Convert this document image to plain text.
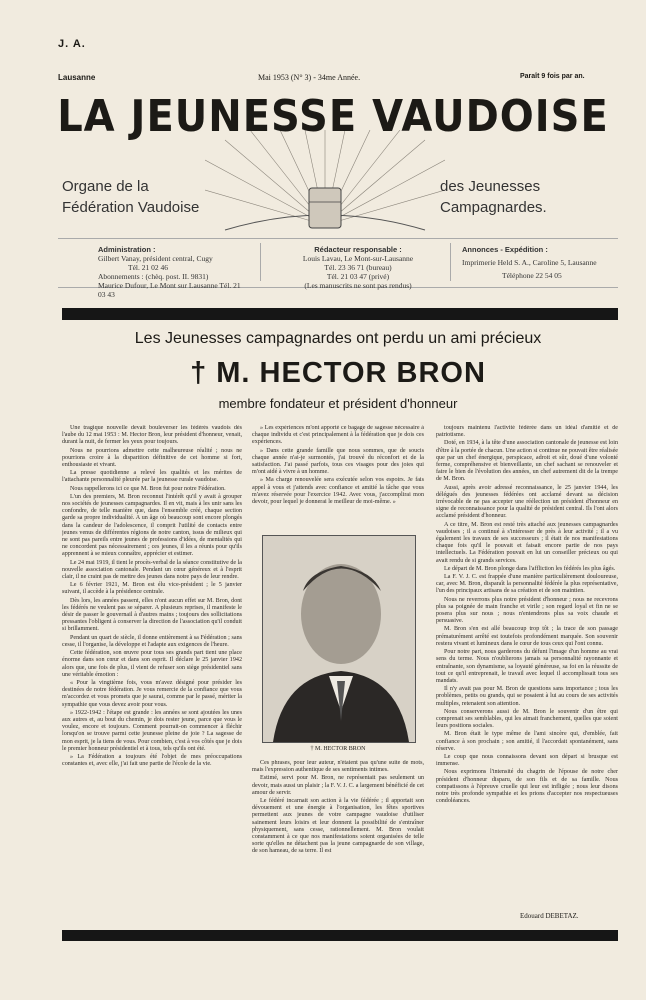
J. A.
Lausanne	Mai 1953 (N° 3) - 34me Année.	Paraît 9 fois par an.
LA JEUNESSE VAUDOISE
Organe de la
Fédération Vaudoise
des Jeunesses
Campagnardes.
Administration :
Gilbert Vanay, président central, Cugy
Tél. 21 02 46
Abonnements : (chèq. post. II. 9831)
Maurice Dufour, Le Mont sur Lausanne Tél. 21 03 43
Rédacteur responsable :
Louis Lavau, Le Mont-sur-Lausanne
Tél. 23 36 71 (bureau)
Tél. 21 03 47 (privé)
(Les manuscrits ne sont pas rendus)
Annonces - Expédition :
Imprimerie Held S. A., Caroline 5, Lausanne
Téléphone 22 54 05
Les Jeunesses campagnardes ont perdu un ami précieux
† M. HECTOR BRON
membre fondateur et président d'honneur

Une tragique nouvelle devait bouleverser les fédérés vaudois dès l'aube du 12 mai 1953 : M. Hector Bron, leur président d'honneur, venait, durant la nuit, de fermer les yeux pour toujours.

Nous ne pourrions admettre cette malheureuse réalité ; nous ne pourrions croire à la disparition définitive de cet homme si fort, enthousiaste et vivant.

La presse quotidienne a relevé les qualités et les mérites de l'attachante personnalité pleurée par la jeunesse rurale vaudoise.

Nous rappellerons ici ce que M. Bron fut pour notre Fédération.

L'un des premiers, M. Bron reconnut l'intérêt qu'il y avait à grouper nos sociétés de jeunesses campagnardes. Il en vit, mais à les unir sans les confondre, de telle manière que, dans l'ensemble créé, chaque section garde sa propre individualité. A un âge où beaucoup sont encore plongés dans la candeur de l'adolescence, il comprit l'utilité de contacts entre jeunes venus de différentes régions de notre canton, issus de milieux qui ne sont pas pareils entre jeunes de professions d'idées, de mentalités qui ne concordent pas nécessairement ; ces jeunes, il les a réunis pour qu'ils apprennent à se mieux connaître, apprécier et estimer.

Le 24 mai 1919, il tient le procès-verbal de la séance constitutive de la nouvelle association cantonale. Pendant un cœur généreux et à l'esprit clair, il ne craint pas de mettre des jeunes dans notre pays de leur rendre.

Le 6 février 1921, M. Bron est élu vice-président ; le 5 janvier suivant, il accède à la présidence centrale.

Dès lors, les années passent, elles n'ont aucun effet sur M. Bron, dont les fédérés ne veulent pas se séparer. A plusieurs reprises, il manifeste le désir de passer le gouvernail à d'autres mains ; toujours des sollicitations pressantes l'obligent à conserver la direction de l'association qu'il conduit si brillamment.

Pendant un quart de siècle, il donne entièrement à sa Fédération ; sans cesse, il l'organise, la développe et l'adapte aux exigences de l'heure.

Cette fédération, son œuvre pour tous ses grands part tient une place énorme dans son cœur et dans son esprit. Il déclare le 25 janvier 1942 alors que, une fois de plus, il vient de refuser son siège présidentiel sans une véritable émotion :

« Pour la vingtième fois, vous m'avez désigné pour présider les destinées de notre fédération. Je vous remercie de la confiance que vous m'accordez et vous promets que je saurai, comme par le passé, mériter la sympathie que vous devez avoir pour vous.

» 1922-1942 : l'étape est grande : les années se sont ajoutées les unes aux autres et, au bout du chemin, je dois rester jeune, parce que vous le voulez, encore et toujours. Comment pourrait-on commencer à fléchir lorsqu'on se trouve parmi cette jeunesse pleine de joie ? La sagesse de mon esprit, je la tiens de vous. Pour combien, c'est à vos côtés que je dois le premier honneur présidentiel et à tous, tels qu'ils ont été.

» La Fédération a toujours été l'objet de mes préoccupations constantes et, avec elle, j'ai fait une partie de l'école de la vie.

» Les expériences m'ont apporté ce bagage de sagesse nécessaire à chaque individu et c'est principalement à la fédération que je dois ces expériences.

» Dans cette grande famille que nous sommes, que de soucis chaque année n'ai-je surmontés, j'ai trouvé du réconfort et de la satisfaction. J'ai passé parfois, tous ces visages pour des joies qui m'ont aidé à vivre à un homme.

» Ma charge renouvelée sera exécutée selon vos espoirs. Je fais appel à vous et j'attends avec confiance et amitié la tâche que vous m'avez réservée pour l'exercice 1942. Avec vous, j'accomplirai mon devoir, pour lequel je donnerai le meilleur de moi-même. »

† M. HECTOR BRON

Ces phrases, pour leur auteur, n'étaient pas qu'une suite de mots, mais l'expression authentique de ses sentiments intimes.

Estimé, servi pour M. Bron, ne représentait pas seulement un devoir, mais aussi un plaisir ; la F. V. J. C. a largement bénéficié de cet amour de servir.

Le fédéré incarnait son action à la vie fédérée ; il apportait son dévouement et une énergie à l'organisation, les fêtes sportives permettent aux jeunes de votre campagne vaudoise d'utiliser sainement leurs loisirs et leur donnent la possibilité de s'entraîner physiquement, sans cesse, rationnellement. M. Bron voulait constamment à ce que nos manifestations soient organisées de telle sorte qu'elles ne détachent pas la jeune campagnarde de son village, de son hameau, de sa terre. Il est

toujours maintenu l'activité fédérée dans un idéal d'amitié et de patriotisme.

Doté, en 1934, à la tête d'une association cantonale de jeunesse est loin d'être à la portée de chacun. Une action si continue ne pouvait être réalisée que par un chef énergique, perspicace, adroit et sûr, doué d'une volonté ferme, compréhensive et bienveillante, un chef sachant se renouveler et faire le bien de l'évolution des années, un chef autrement dit de la trempe de M. Bron.

Aussi, après avoir adressé reconnaissance, le 25 janvier 1944, les délégués des jeunesses fédérées ont acclamé devant sa décision irrévocable de ne pas accepter une réélection un président d'honneur en signe de reconnaissance pour la qualité de président central. Ils l'ont alors acclamé président d'honneur.

A ce titre, M. Bron est resté très attaché aux jeunesses campagnardes vaudoises ; il a continué à s'intéresser de près à leur activité ; il a vu également les travaux de ses successeurs ; il était de nos manifestations chaque fois qu'il le pouvait et faisait encore partie de nos pays intellectuels. La Fédération pouvait en lui un conseiller précieux ou qui avait rendu de si grands services.

Le départ de M. Bron plonge dans l'affliction les fédérés les plus âgés.

La F. V. J. C. est frappée d'une manière particulièrement douloureuse, car, avec M. Bron, disparaît la personnalité fédérée la plus représentative, l'un des principaux artisans de sa création et de son maintien.

Nous ne reverrons plus notre président d'honneur ; nous ne recevrons plus sa poignée de main franche et virile ; son regard loyal et fin ne se posera plus sur nous ; nous n'entendrons plus sa voix chaude et persuasive.

M. Bron s'en est allé beaucoup trop tôt ; la trace de son passage prématurément arrêté est toutefois profondément marquée. Son souvenir restera vivant et lumineux dans le cœur de tous ceux qui l'ont connu.

Pour notre part, nous garderons du défunt l'image d'un homme au vrai sens du terme. Nous n'oublierons jamais sa personnalité rayonnante et entraînante, son dynamisme, sa loyauté généreuse, sa foi en la réussite de tout ce qu'il entreprenait, le travail avec lequel il accomplissait tous ses mandats.

Il n'y avait pas pour M. Bron de questions sans importance ; tous les problèmes, petits ou grands, qui se posaient à lui au cours de ses activités multiples, retenaient son attention.

Nous conserverons aussi de M. Bron le souvenir d'un être qui comprenait ses semblables, qui les aimait franchement, quelles que soient leurs positions sociales.

M. Bron était le type même de l'ami sincère qui, d'emblée, fait confiance à son prochain ; son amitié, il l'accordait spontanément, sans réserve.

Le coup que nous connaissons devant son départ si brusque est immense.

Nous exprimons l'intensité du chagrin de l'épouse de notre cher président d'honneur disparu, de son fils et de sa famille. Nous compatissons à l'épreuve cruelle qui leur est infligée ; nous leur disons notre très profonde sympathie et les prions d'accepter nos respectueuses condoléances.

Edouard DEBETAZ.
